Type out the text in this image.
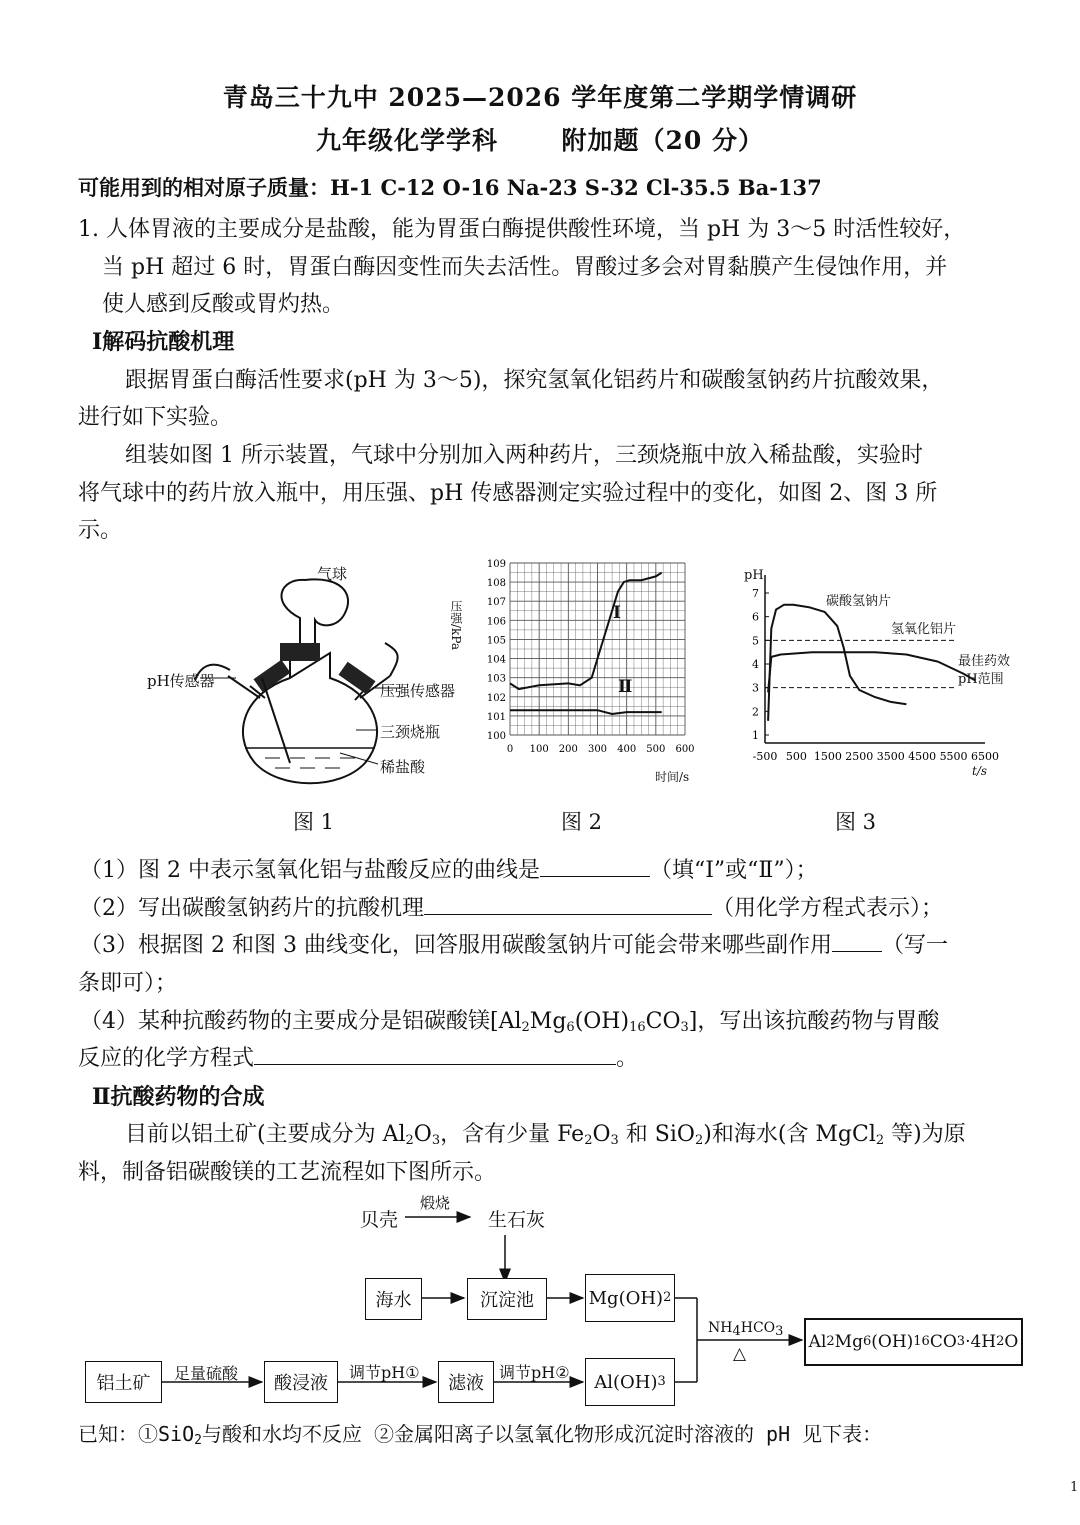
青岛三十九中 2025—2026 学年度第二学期学情调研
九年级化学学科	附加题（20 分）
可能用到的相对原子质量：H-1 C-12 O-16 Na-23 S-32 Cl-35.5 Ba-137
1. 人体胃液的主要成分是盐酸，能为胃蛋白酶提供酸性环境，当 pH 为 3～5 时活性较好，
当 pH 超过 6 时，胃蛋白酶因变性而失去活性。胃酸过多会对胃黏膜产生侵蚀作用，并
使人感到反酸或胃灼热。
Ⅰ解码抗酸机理
跟据胃蛋白酶活性要求(pH 为 3～5)，探究氢氧化铝药片和碳酸氢钠药片抗酸效果，
进行如下实验。
组装如图 1 所示装置，气球中分别加入两种药片，三颈烧瓶中放入稀盐酸，实验时
将气球中的药片放入瓶中，用压强、pH 传感器测定实验过程中的变化，如图 2、图 3 所
示。
气球
pH传感器
压强传感器
三颈烧瓶
稀盐酸
图 1
0 100 200 300 400 500 600
100
101
102
103
104
105
106
107
108
109
压强/kPa
时间/s
Ⅰ
Ⅱ
图 2
-500 500 1500 2500 3500 4500 5500 6500
1
2
3
4
5
6
7
pH
t/s
碳酸氢钠片
氢氧化铝片
最佳药效
pH范围
图 3
（1）图 2 中表示氢氧化铝与盐酸反应的曲线是	（填“Ⅰ”或“Ⅱ”）；
（2）写出碳酸氢钠药片的抗酸机理	（用化学方程式表示）；
（3）根据图 2 和图 3 曲线变化，回答服用碳酸氢钠片可能会带来哪些副作用 （写一
条即可）；
（4）某种抗酸药物的主要成分是铝碳酸镁$[Al_2Mg_6(OH)_{16}CO_3]$，写出该抗酸药物与胃酸
反应的化学方程式	。
Ⅱ抗酸药物的合成
目前以铝土矿(主要成分为 $Al_2O_3$，含有少量 $Fe_2O_3$ 和 SiO$_2$)和海水(含 MgCl$_2$ 等)为原
料，制备铝碳酸镁的工艺流程如下图所示。
贝壳
煅烧
生石灰
海水	沉淀池	Mg(OH) 2
铝土矿	足量硫酸	酸浸液
调节pH①
滤液
调节pH② Al(OH) 3
$NH_4HCO_3$
△
Al 2 Mg 6 (OH) 16 CO 3 ·4H 2 O
已知：①SiO$_2$与酸和水均不反应 ②金属阳离子以氢氧化物形成沉淀时溶液的 pH 见下表：
1
